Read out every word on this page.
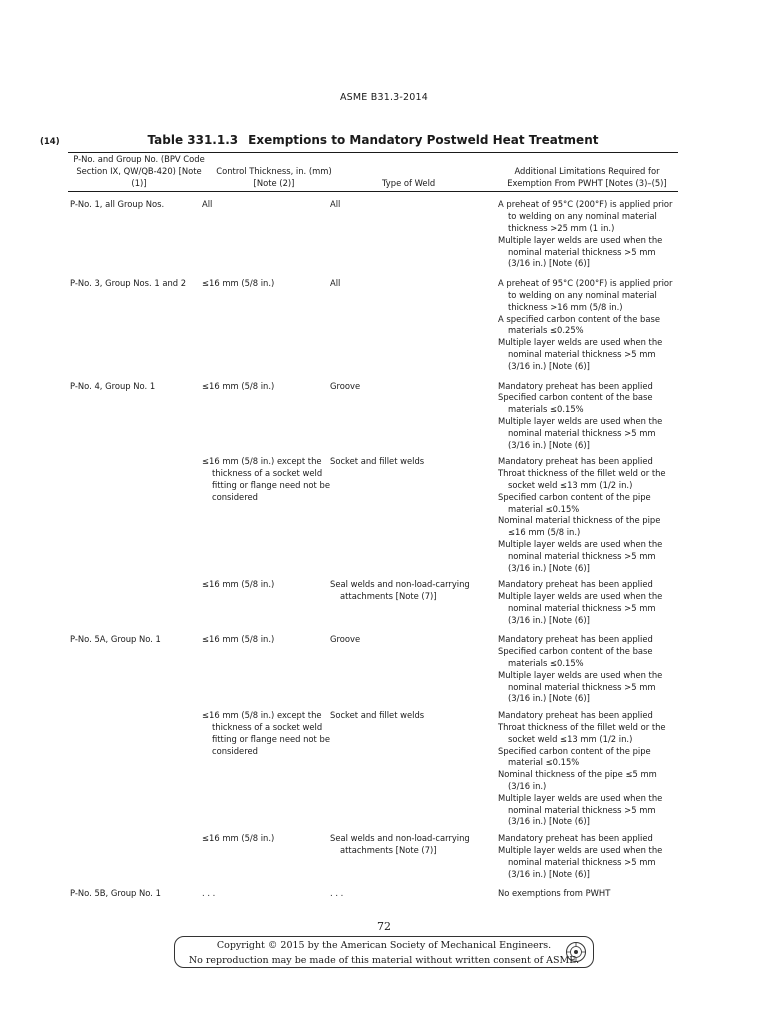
ASME B31.3-2014
(14)	Table 331.1.3 Exemptions to Mandatory Postweld Heat Treatment
P-No. and Group No. (BPV Code Section IX, QW/QB-420) [Note (1)]	Control Thickness, in. (mm) [Note (2)]	Type of Weld	Additional Limitations Required for Exemption From PWHT [Notes (3)–(5)]
P-No. 1, all Group Nos.	All	All	A preheat of 95°C (200°F) is applied prior to welding on any nominal material thickness >25 mm (1 in.)
Multiple layer welds are used when the nominal material thickness >5 mm (3/16 in.) [Note (6)]

P-No. 3, Group Nos. 1 and 2	≤16 mm (5/8 in.)	All	A preheat of 95°C (200°F) is applied prior to welding on any nominal material thickness >16 mm (5/8 in.)
A specified carbon content of the base materials ≤0.25%
Multiple layer welds are used when the nominal material thickness >5 mm (3/16 in.) [Note (6)]

P-No. 4, Group No. 1	≤16 mm (5/8 in.)	Groove	Mandatory preheat has been applied
Specified carbon content of the base materials ≤0.15%
Multiple layer welds are used when the nominal material thickness >5 mm (3/16 in.) [Note (6)]

	≤16 mm (5/8 in.) except the thickness of a socket weld fitting or flange need not be considered	Socket and fillet welds	Mandatory preheat has been applied
Throat thickness of the fillet weld or the socket weld ≤13 mm (1/2 in.)
Specified carbon content of the pipe material ≤0.15%
Nominal material thickness of the pipe ≤16 mm (5/8 in.)
Multiple layer welds are used when the nominal material thickness >5 mm (3/16 in.) [Note (6)]

	≤16 mm (5/8 in.)	Seal welds and non-load-carrying attachments [Note (7)]	Mandatory preheat has been applied
Multiple layer welds are used when the nominal material thickness >5 mm (3/16 in.) [Note (6)]

P-No. 5A, Group No. 1	≤16 mm (5/8 in.)	Groove	Mandatory preheat has been applied
Specified carbon content of the base materials ≤0.15%
Multiple layer welds are used when the nominal material thickness >5 mm (3/16 in.) [Note (6)]

	≤16 mm (5/8 in.) except the thickness of a socket weld fitting or flange need not be considered	Socket and fillet welds	Mandatory preheat has been applied
Throat thickness of the fillet weld or the socket weld ≤13 mm (1/2 in.)
Specified carbon content of the pipe material ≤0.15%
Nominal thickness of the pipe ≤5 mm (3/16 in.)
Multiple layer welds are used when the nominal material thickness >5 mm (3/16 in.) [Note (6)]

	≤16 mm (5/8 in.)	Seal welds and non-load-carrying attachments [Note (7)]	Mandatory preheat has been applied
Multiple layer welds are used when the nominal material thickness >5 mm (3/16 in.) [Note (6)]

P-No. 5B, Group No. 1	. . .	. . .	No exemptions from PWHT
72
Copyright © 2015 by the American Society of Mechanical Engineers.
No reproduction may be made of this material without written consent of ASME.
